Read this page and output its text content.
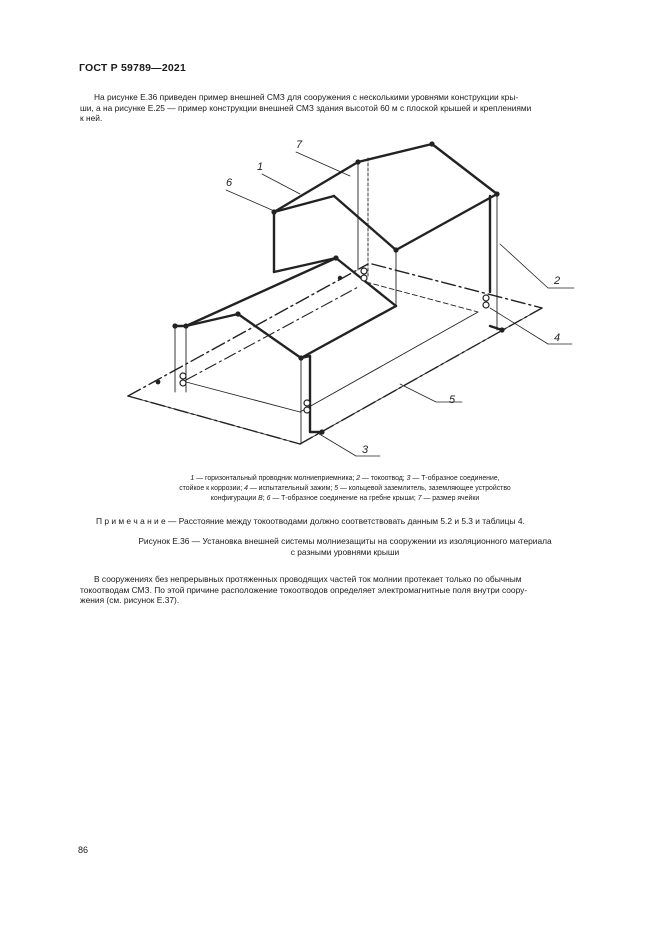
ГОСТ Р 59789—2021
На рисунке Е.36 приведен пример внешней СМЗ для сооружения с несколькими уровнями конструкции кры-
ши, а на рисунке Е.25 — пример конструкции внешней СМЗ здания высотой 60 м с плоской крышей и креплениями
к ней.
1
7
6
2
4
5
3
1 — горизонтальный проводник молниеприемника; 2 — токоотвод; 3 — Т-образное соединение,
стойкое к коррозии; 4 — испытательный зажим; 5 — кольцевой заземлитель, заземляющее устройство
конфигурации В; 6 — Т-образное соединение на гребне крыши; 7 — размер ячейки
П р и м е ч а н и е — Расстояние между токоотводами должно соответствовать данным 5.2 и 5.3 и таблицы 4.
Рисунок Е.36 — Установка внешней системы молниезащиты на сооружении из изоляционного материала
с разными уровнями крыши
В сооружениях без непрерывных протяженных проводящих частей ток молнии протекает только по обычным
токоотводам СМЗ. По этой причине расположение токоотводов определяет электромагнитные поля внутри соору-
жения (см. рисунок Е.37).
86
